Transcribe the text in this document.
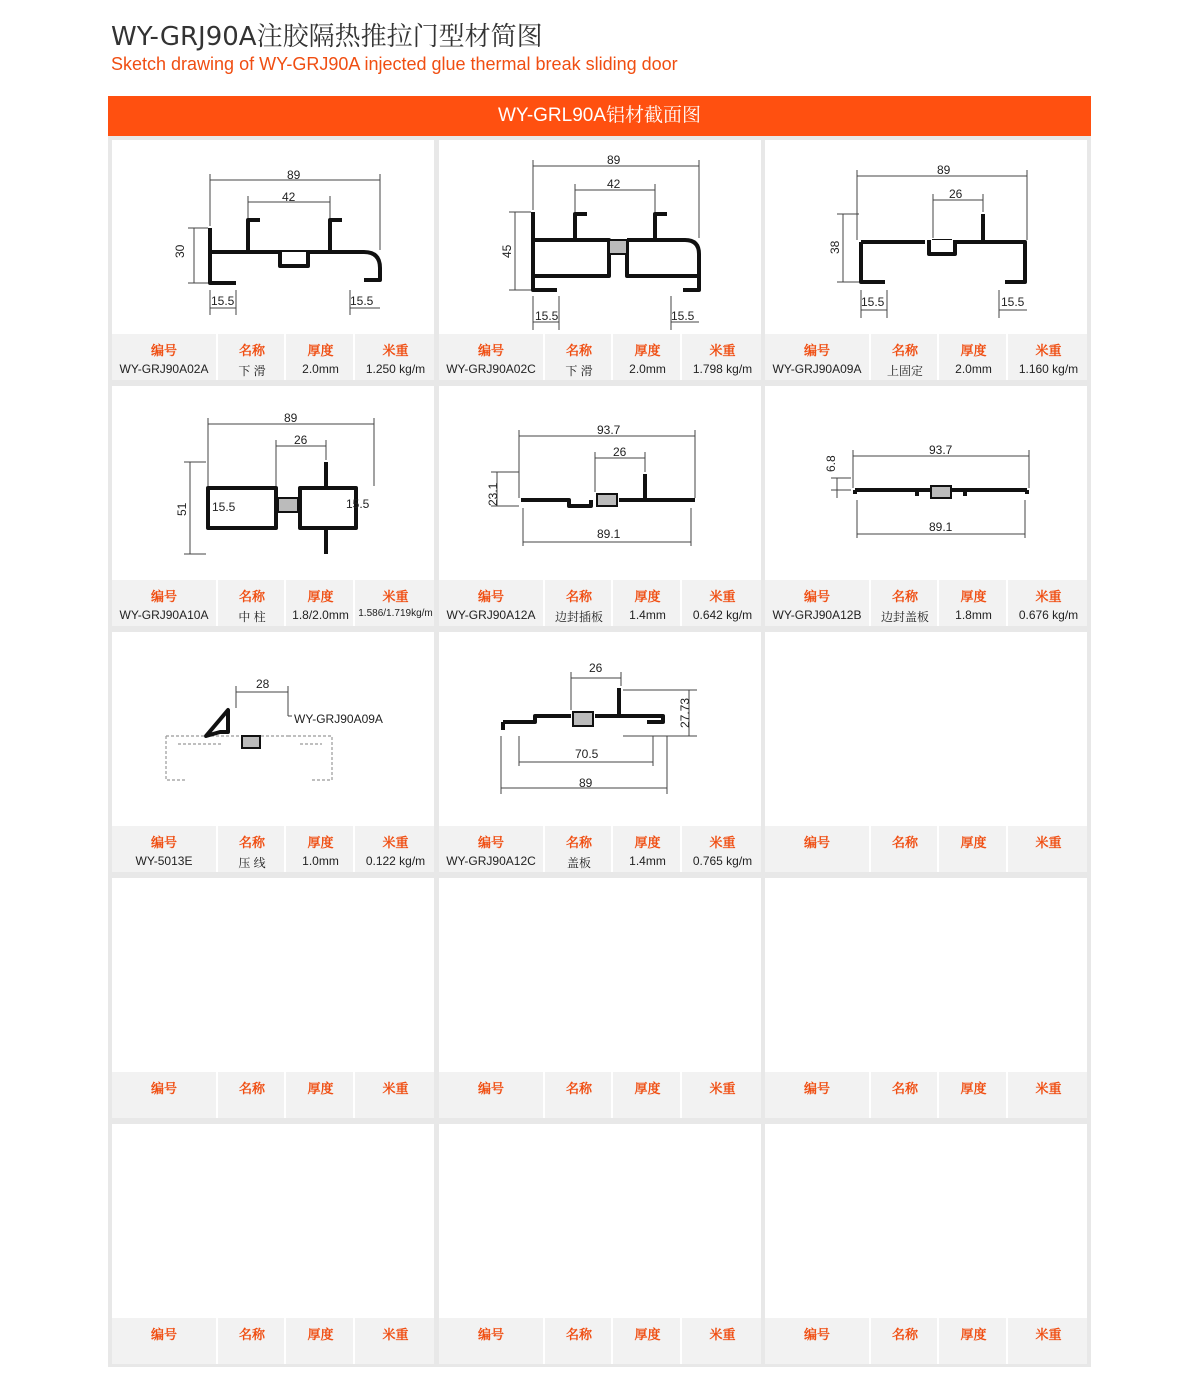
WY-GRJ90A注胶隔热推拉门型材简图
Sketch drawing of WY-GRJ90A injected glue thermal break sliding door
WY-GRL90A铝材截面图
89
42
30
15.5	15.5
编号
WY-GRJ90A02A
名称
下 滑
厚度
2.0mm
米重
1.250 kg/m
89
42
45
15.5	15.5
编号
WY-GRJ90A02C
名称
下 滑
厚度
2.0mm
米重
1.798 kg/m
89
26
38
15.5	15.5
编号
WY-GRJ90A09A
名称
上固定
厚度
2.0mm
米重
1.160 kg/m
89
26
51 15.5	15.5
编号
WY-GRJ90A10A
名称
中 柱
厚度
1.8/2.0mm
米重
1.586/1.719kg/m
93.7
26
23.1
89.1
编号
WY-GRJ90A12A
名称
边封插板
厚度
1.4mm
米重
0.642 kg/m
93.7
6.8
89.1
编号
WY-GRJ90A12B
名称
边封盖板
厚度
1.8mm
米重
0.676 kg/m
28
WY-GRJ90A09A
编号
WY-5013E
名称
压 线
厚度
1.0mm
米重
0.122 kg/m
26
27.73
70.5
89
编号
WY-GRJ90A12C
名称
盖板
厚度
1.4mm
米重
0.765 kg/m
编号	名称	厚度	米重
编号	名称	厚度	米重	编号	名称	厚度	米重	编号	名称	厚度	米重
编号	名称	厚度	米重	编号	名称	厚度	米重	编号	名称	厚度	米重
